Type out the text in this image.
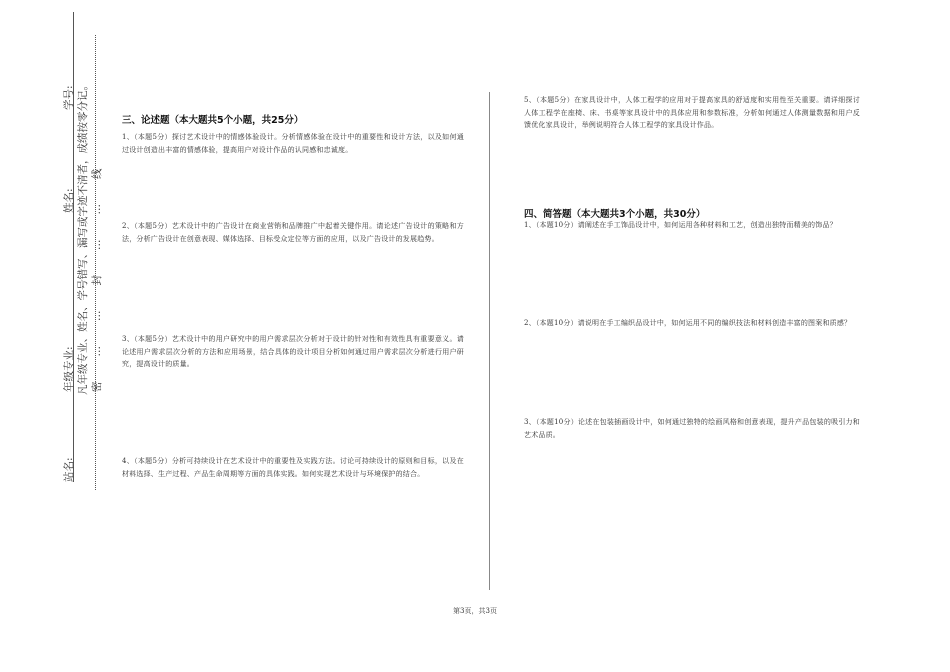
学号:
姓名:
年级专业:
站名:
凡年级专业、姓名、学号错写、漏写或字迹不清者，成绩按零分记。 密……封……线

三、论述题（本大题共5个小题，共25分）

1、（本题5分）探讨艺术设计中的情感体验设计。分析情感体验在设计中的重要性和设计方法，以及如何通过设计创造出丰富的情感体验，提高用户对设计作品的认同感和忠诚度。

2、（本题5分）艺术设计中的广告设计在商业营销和品牌推广中起着关键作用。请论述广告设计的策略和方法，分析广告设计在创意表现、媒体选择、目标受众定位等方面的应用，以及广告设计的发展趋势。

3、（本题5分）艺术设计中的用户研究中的用户需求层次分析对于设计的针对性和有效性具有重要意义。请论述用户需求层次分析的方法和应用场景，结合具体的设计项目分析如何通过用户需求层次分析进行用户研究，提高设计的质量。

4、（本题5分）分析可持续设计在艺术设计中的重要性及实践方法。讨论可持续设计的原则和目标，以及在材料选择、生产过程、产品生命周期等方面的具体实践。如何实现艺术设计与环境保护的结合。

5、（本题5分）在家具设计中，人体工程学的应用对于提高家具的舒适度和实用性至关重要。请详细探讨人体工程学在座椅、床、书桌等家具设计中的具体应用和参数标准，分析如何通过人体测量数据和用户反馈优化家具设计，举例说明符合人体工程学的家具设计作品。

四、简答题（本大题共3个小题，共30分）

1、（本题10分）请阐述在手工饰品设计中，如何运用各种材料和工艺，创造出独特而精美的饰品？

2、（本题10分）请说明在手工编织品设计中，如何运用不同的编织技法和材料创造丰富的图案和质感？

3、（本题10分）论述在包装插画设计中，如何通过独特的绘画风格和创意表现，提升产品包装的吸引力和艺术品质。

第3页，共3页
